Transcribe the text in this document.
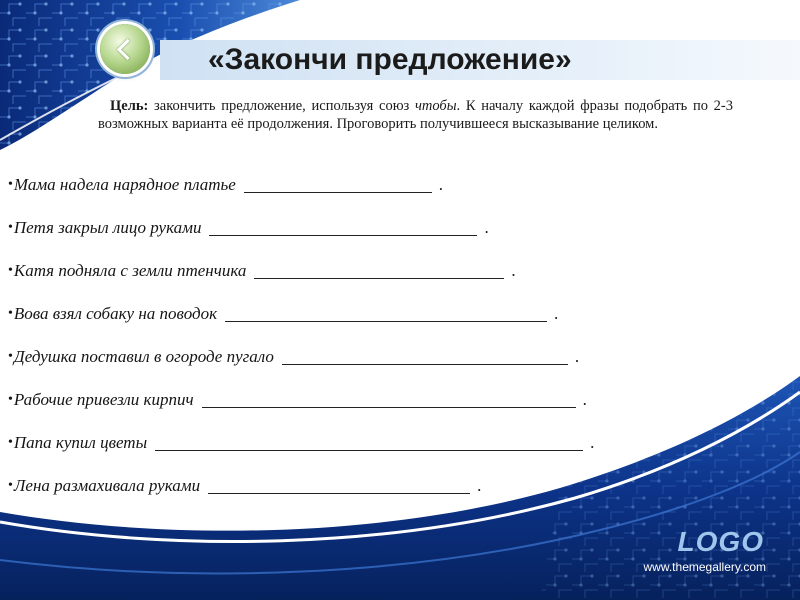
«Закончи предложение»

Цель: закончить предложение, используя союз чтобы. К началу каждой фразы подобрать по 2-3 возможных варианта её продолжения. Проговорить получившееся высказывание целиком.

• Мама надела нарядное платье	.
• Петя закрыл лицо руками	.
• Катя подняла с земли птенчика	.
• Вова взял собаку на поводок	.
• Дедушка поставил в огороде пугало	.
• Рабочие привезли кирпич	.
• Папа купил цветы	.
• Лена размахивала руками	.

LOGO

www.themegallery.com
